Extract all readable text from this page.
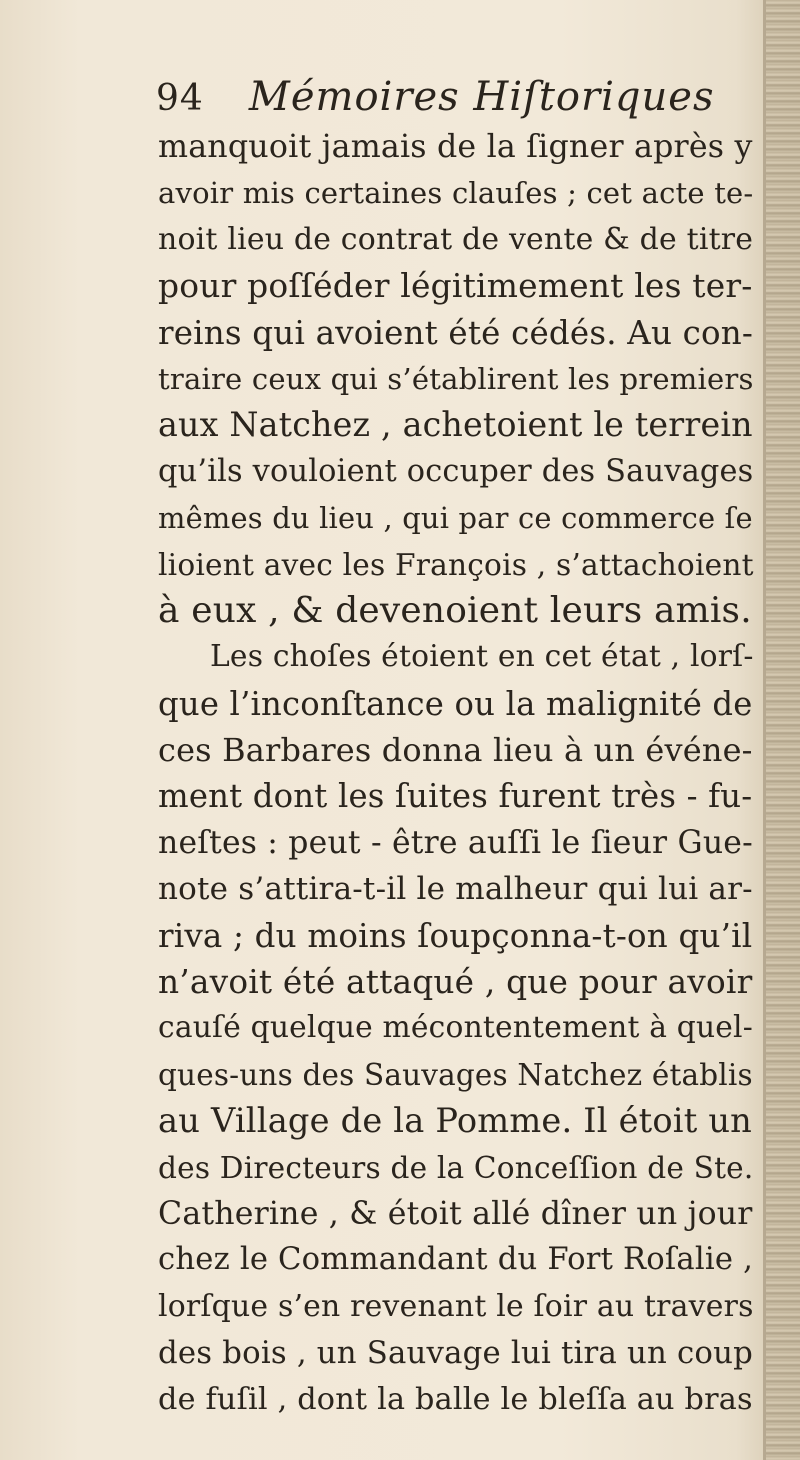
94 Mémoires Hiſtoriques
manquoit jamais de la ſigner après y
avoir mis certaines clauſes ; cet acte te-
noit lieu de contrat de vente & de titre
pour poſſéder légitimement les ter-
reins qui avoient été cédés. Au con-
traire ceux qui s’établirent les premiers
aux Natchez , achetoient le terrein
qu’ils vouloient occuper des Sauvages
mêmes du lieu , qui par ce commerce ſe
lioient avec les François , s’attachoient
à eux , & devenoient leurs amis.
Les choſes étoient en cet état , lorſ-
que l’inconſtance ou la malignité de
ces Barbares donna lieu à un événe-
ment dont les ſuites furent très - fu-
neſtes : peut - être auſſi le ſieur Gue-
note s’attira-t-il le malheur qui lui ar-
riva ; du moins ſoupçonna-t-on qu’il
n’avoit été attaqué , que pour avoir
cauſé quelque mécontentement à quel-
ques-uns des Sauvages Natchez établis
au Village de la Pomme. Il étoit un
des Directeurs de la Conceſſion de Ste.
Catherine , & étoit allé dîner un jour
chez le Commandant du Fort Roſalie ,
lorſque s’en revenant le ſoir au travers
des bois , un Sauvage lui tira un coup
de fuſil , dont la balle le bleſſa au bras
